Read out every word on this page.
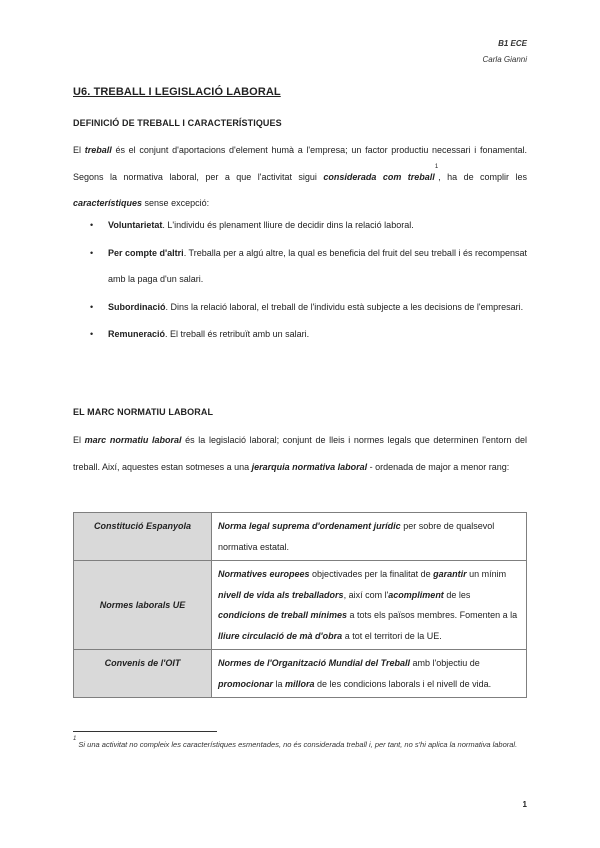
B1 ECE
Carla Gianni
U6. TREBALL I LEGISLACIÓ LABORAL
DEFINICIÓ DE TREBALL I CARACTERÍSTIQUES
El treball és el conjunt d'aportacions d'element humà a l'empresa; un factor productiu necessari i fonamental. Segons la normativa laboral, per a que l'activitat sigui considerada com treball$^1$, ha de complir les característiques sense excepció:
• Voluntarietat. L'individu és plenament lliure de decidir dins la relació laboral.
• Per compte d'altri. Treballa per a algú altre, la qual es beneficia del fruit del seu treball i és recompensat amb la paga d'un salari.
• Subordinació. Dins la relació laboral, el treball de l'individu està subjecte a les decisions de l'empresari.
• Remuneració. El treball és retribuït amb un salari.
EL MARC NORMATIU LABORAL
El marc normatiu laboral és la legislació laboral; conjunt de lleis i normes legals que determinen l'entorn del treball. Així, aquestes estan sotmeses a una jerarquia normativa laboral - ordenada de major a menor rang:
Constitució Espanyola	Norma legal suprema d'ordenament jurídic per sobre de qualsevol normativa estatal.
Normes laborals UE	Normatives europees objectivades per la finalitat de garantir un mínim nivell de vida als treballadors, així com l'acompliment de les condicions de treball mínimes a tots els països membres. Fomenten a la lliure circulació de mà d'obra a tot el territori de la UE.
Convenis de l'OIT	Normes de l'Organització Mundial del Treball amb l'objectiu de promocionar la millora de les condicions laborals i el nivell de vida.
$^1$ Si una activitat no compleix les característiques esmentades, no és considerada treball i, per tant, no s'hi aplica la normativa laboral.
1
